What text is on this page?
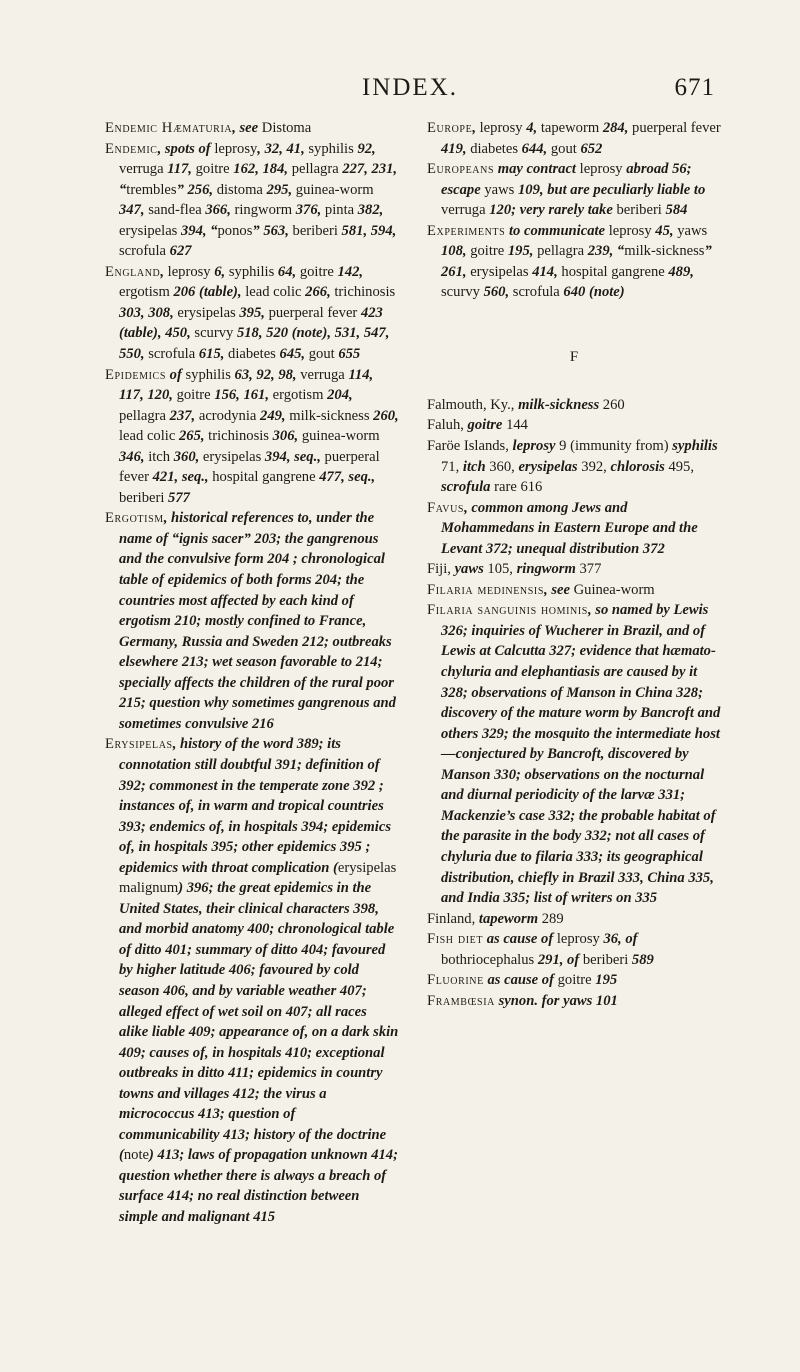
INDEX.	671
Endemic Hæmaturia, see Distoma
Endemic, spots of leprosy, 32, 41, syphilis 92, verruga 117, goitre 162, 184, pellagra 227, 231, “trembles” 256, distoma 295, guinea-worm 347, sand-flea 366, ringworm 376, pinta 382, erysipelas 394, “ponos” 563, beriberi 581, 594, scrofula 627
England, leprosy 6, syphilis 64, goitre 142, ergotism 206 (table), lead colic 266, trichinosis 303, 308, erysipelas 395, puerperal fever 423 (table), 450, scurvy 518, 520 (note), 531, 547, 550, scrofula 615, diabetes 645, gout 655
Epidemics of syphilis 63, 92, 98, verruga 114, 117, 120, goitre 156, 161, ergotism 204, pellagra 237, acrodynia 249, milk-sickness 260, lead colic 265, trichinosis 306, guinea-worm 346, itch 360, erysipelas 394, seq., puerperal fever 421, seq., hospital gangrene 477, seq., beriberi 577
Ergotism, historical references to, under the name of “ignis sacer” 203; the gangrenous and the convulsive form 204 ; chronological table of epidemics of both forms 204; the countries most affected by each kind of ergotism 210; mostly confined to France, Germany, Russia and Sweden 212; outbreaks elsewhere 213; wet season favorable to 214; specially affects the children of the rural poor 215; question why sometimes gangrenous and sometimes convulsive 216
Erysipelas, history of the word 389; its connotation still doubtful 391; definition of 392; commonest in the temperate zone 392 ; instances of, in warm and tropical countries 393; endemics of, in hospitals 394; epidemics of, in hospitals 395; other epidemics 395 ; epidemics with throat complication (erysipelas malignum) 396; the great epidemics in the United States, their clinical characters 398, and morbid anatomy 400; chronological table of ditto 401; summary of ditto 404; favoured by higher latitude 406; favoured by cold season 406, and by variable weather 407; alleged effect of wet soil on 407; all races alike liable 409; appearance of, on a dark skin 409; causes of, in hospitals 410; exceptional outbreaks in ditto 411; epidemics in country towns and villages 412; the virus a micrococcus 413; question of communicability 413; history of the doctrine (note) 413; laws of propagation unknown 414; question whether there is always a breach of surface 414; no real distinction between simple and malignant 415
Europe, leprosy 4, tapeworm 284, puerperal fever 419, diabetes 644, gout 652
Europeans may contract leprosy abroad 56; escape yaws 109, but are peculiarly liable to verruga 120; very rarely take beriberi 584
Experiments to communicate leprosy 45, yaws 108, goitre 195, pellagra 239, “milk-sickness” 261, erysipelas 414, hospital gangrene 489, scurvy 560, scrofula 640 (note)
F
Falmouth, Ky., milk-sickness 260
Faluh, goitre 144
Faröe Islands, leprosy 9 (immunity from) syphilis 71, itch 360, erysipelas 392, chlorosis 495, scrofula rare 616
Favus, common among Jews and Mohammedans in Eastern Europe and the Levant 372; unequal distribution 372
Fiji, yaws 105, ringworm 377
Filaria medinensis, see Guinea-worm
Filaria sanguinis hominis, so named by Lewis 326; inquiries of Wucherer in Brazil, and of Lewis at Calcutta 327; evidence that hæmato-chyluria and elephantiasis are caused by it 328; observations of Manson in China 328; discovery of the mature worm by Bancroft and others 329; the mosquito the intermediate host—conjectured by Bancroft, discovered by Manson 330; observations on the nocturnal and diurnal periodicity of the larvæ 331; Mackenzie’s case 332; the probable habitat of the parasite in the body 332; not all cases of chyluria due to filaria 333; its geographical distribution, chiefly in Brazil 333, China 335, and India 335; list of writers on 335
Finland, tapeworm 289
Fish diet as cause of leprosy 36, of bothriocephalus 291, of beriberi 589
Fluorine as cause of goitre 195
Frambœsia synon. for yaws 101
